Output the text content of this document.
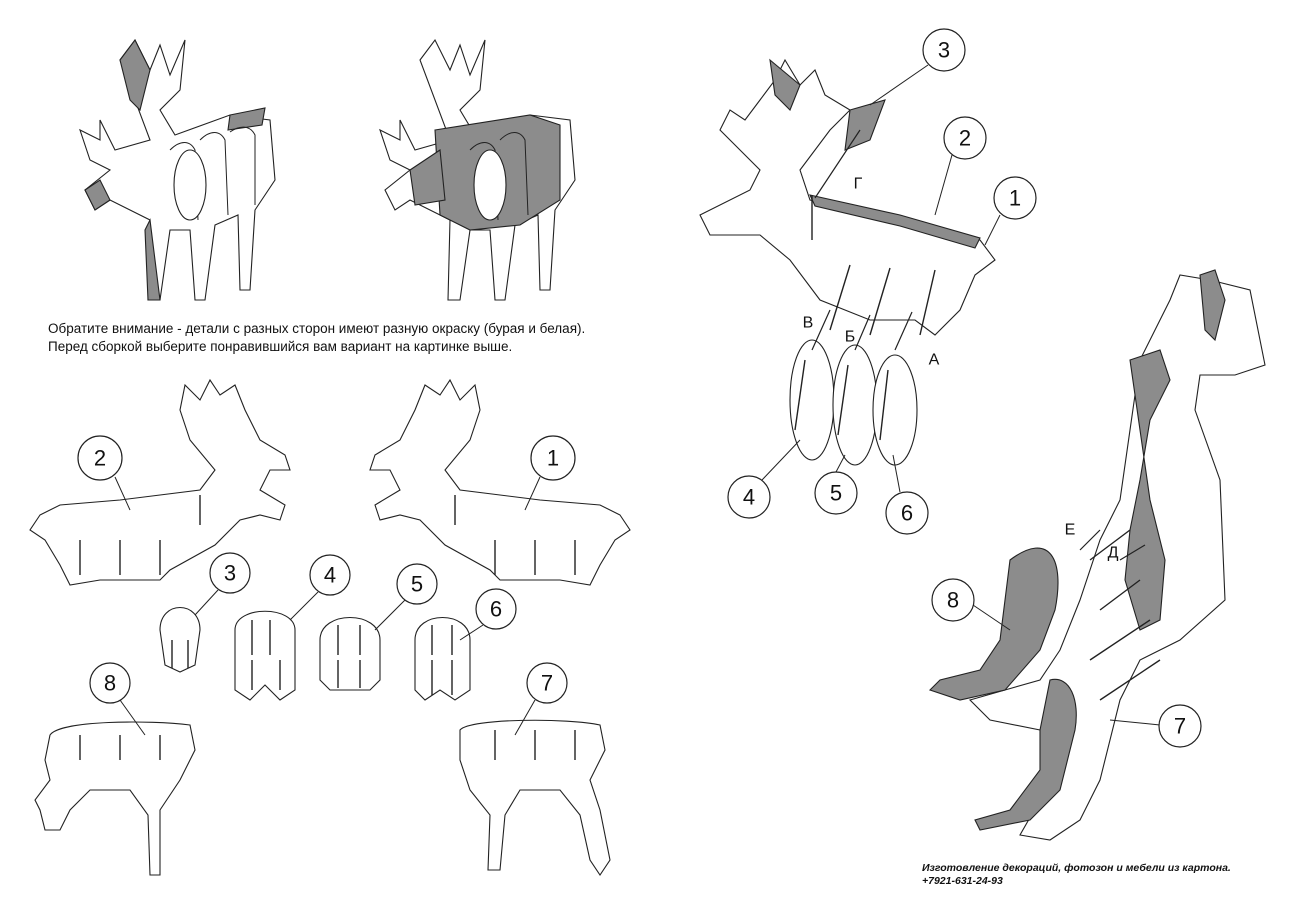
2	1
3	4	5
6
8	7
3
2
1
4	5
6
Г
В
Б
А
8
7
Е
Д
Обратите внимание - детали с разных сторон имеют разную окраску (бурая и белая).
Перед сборкой выберите понравившийся вам вариант на картинке выше.
Изготовление декораций, фотозон и мебели из картона.
+7921-631-24-93
